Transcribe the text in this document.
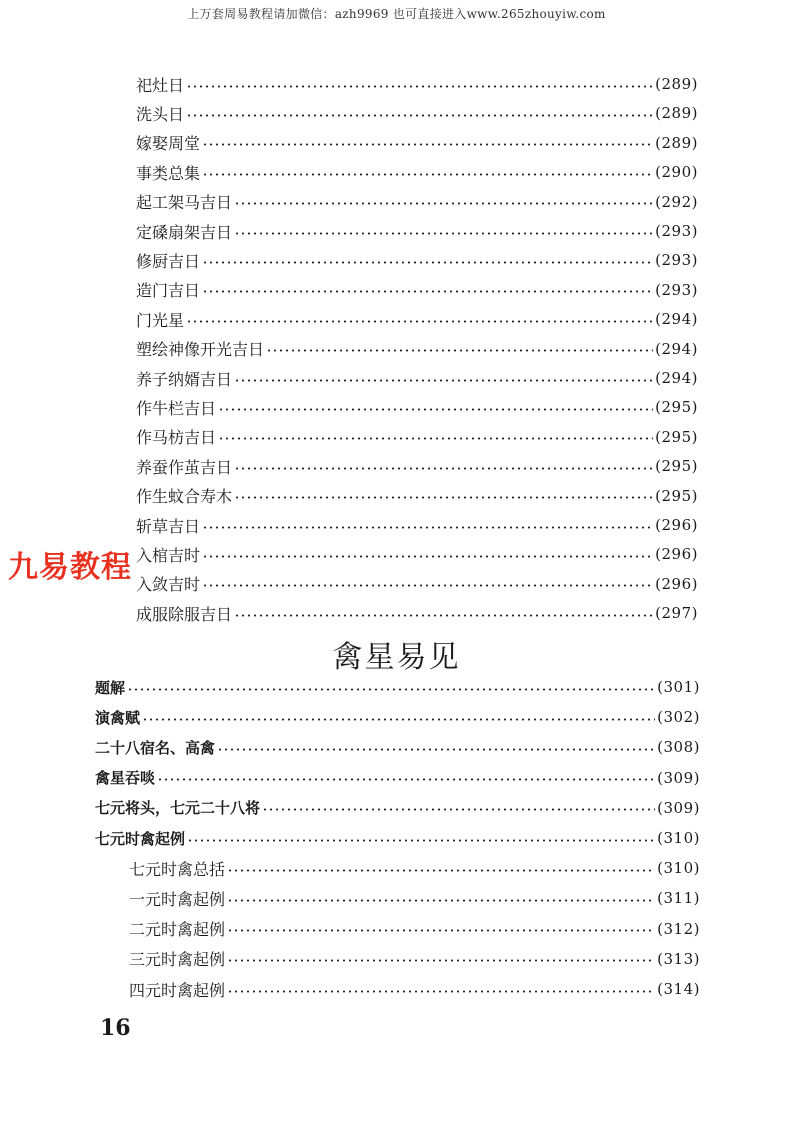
上万套周易教程请加微信：azh9969 也可直接进入www.265zhouyiw.com
祀灶日	(289)
洗头日	(289)
嫁娶周堂	(289)
事类总集	(290)
起工架马吉日	(292)
定磉扇架吉日	(293)
修厨吉日	(293)
造门吉日	(293)
门光星	(294)
塑绘神像开光吉日	(294)
养子纳婿吉日	(294)
作牛栏吉日	(295)
作马枋吉日	(295)
养蚕作茧吉日	(295)
作生蚊合寿木	(295)
斩草吉日	(296)
入棺吉时	(296)
入敛吉时	(296)
成服除服吉日	(297)
题解	(301)
演禽赋	(302)
二十八宿名、高禽	(308)
禽星吞啖	(309)
七元将头，七元二十八将	(309)
七元时禽起例	(310)
七元时禽总括	(310)
一元时禽起例	(311)
二元时禽起例	(312)
三元时禽起例	(313)
四元时禽起例	(314)
禽星易见
九易教程
16
